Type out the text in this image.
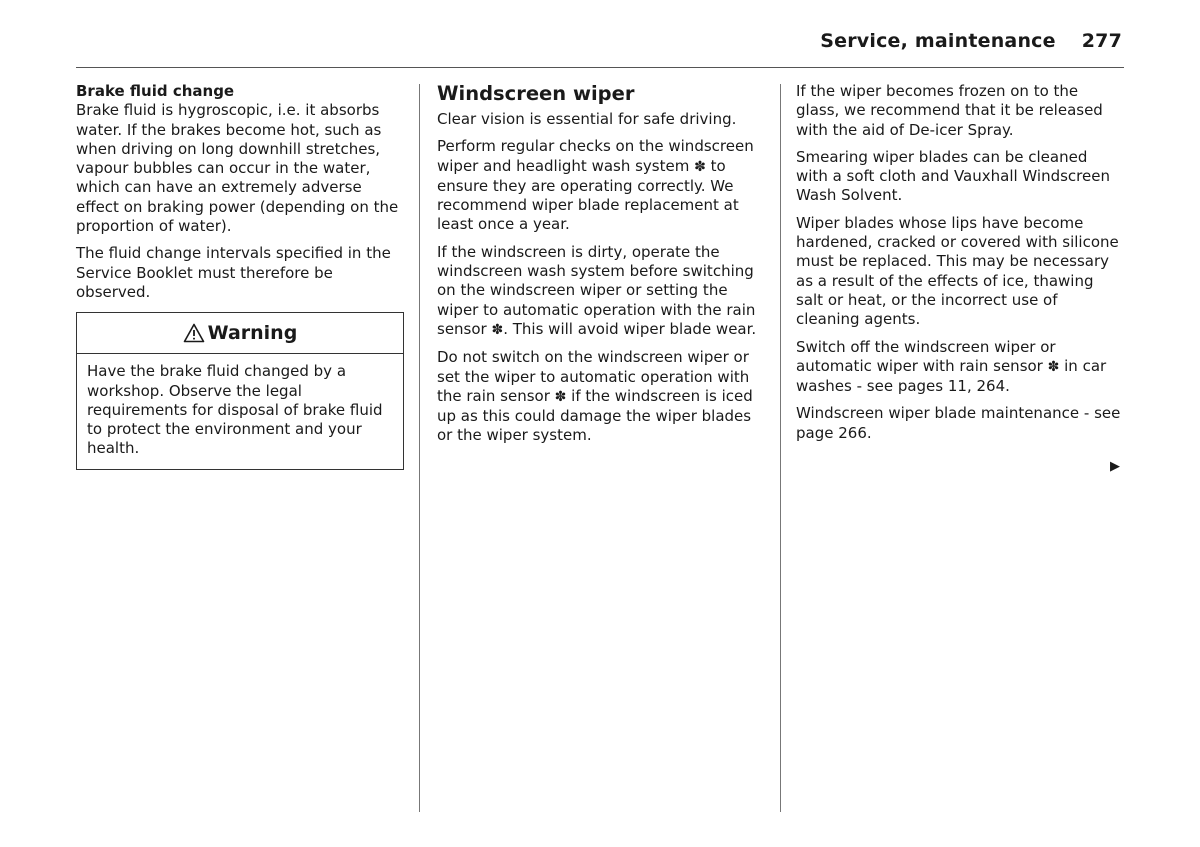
Service, maintenance 277

Brake fluid change
Brake fluid is hygroscopic, i.e. it absorbs water. If the brakes become hot, such as when driving on long downhill stretches, vapour bubbles can occur in the water, which can have an extremely adverse effect on braking power (depending on the proportion of water).

The fluid change intervals specified in the Service Booklet must therefore be observed.

Warning
Have the brake fluid changed by a workshop. Observe the legal requirements for disposal of brake fluid to protect the environment and your health.
Windscreen wiper

Clear vision is essential for safe driving.

Perform regular checks on the windscreen wiper and headlight wash system ✽ to ensure they are operating correctly. We recommend wiper blade replacement at least once a year.

If the windscreen is dirty, operate the windscreen wash system before switching on the windscreen wiper or setting the wiper to automatic operation with the rain sensor ✽. This will avoid wiper blade wear.

Do not switch on the windscreen wiper or set the wiper to automatic operation with the rain sensor ✽ if the windscreen is iced up as this could damage the wiper blades or the wiper system.

If the wiper becomes frozen on to the glass, we recommend that it be released with the aid of De-icer Spray.

Smearing wiper blades can be cleaned with a soft cloth and Vauxhall Windscreen Wash Solvent.

Wiper blades whose lips have become hardened, cracked or covered with silicone must be replaced. This may be necessary as a result of the effects of ice, thawing salt or heat, or the incorrect use of cleaning agents.

Switch off the windscreen wiper or automatic wiper with rain sensor ✽ in car washes - see pages 11, 264.

Windscreen wiper blade maintenance - see page 266.

▶
